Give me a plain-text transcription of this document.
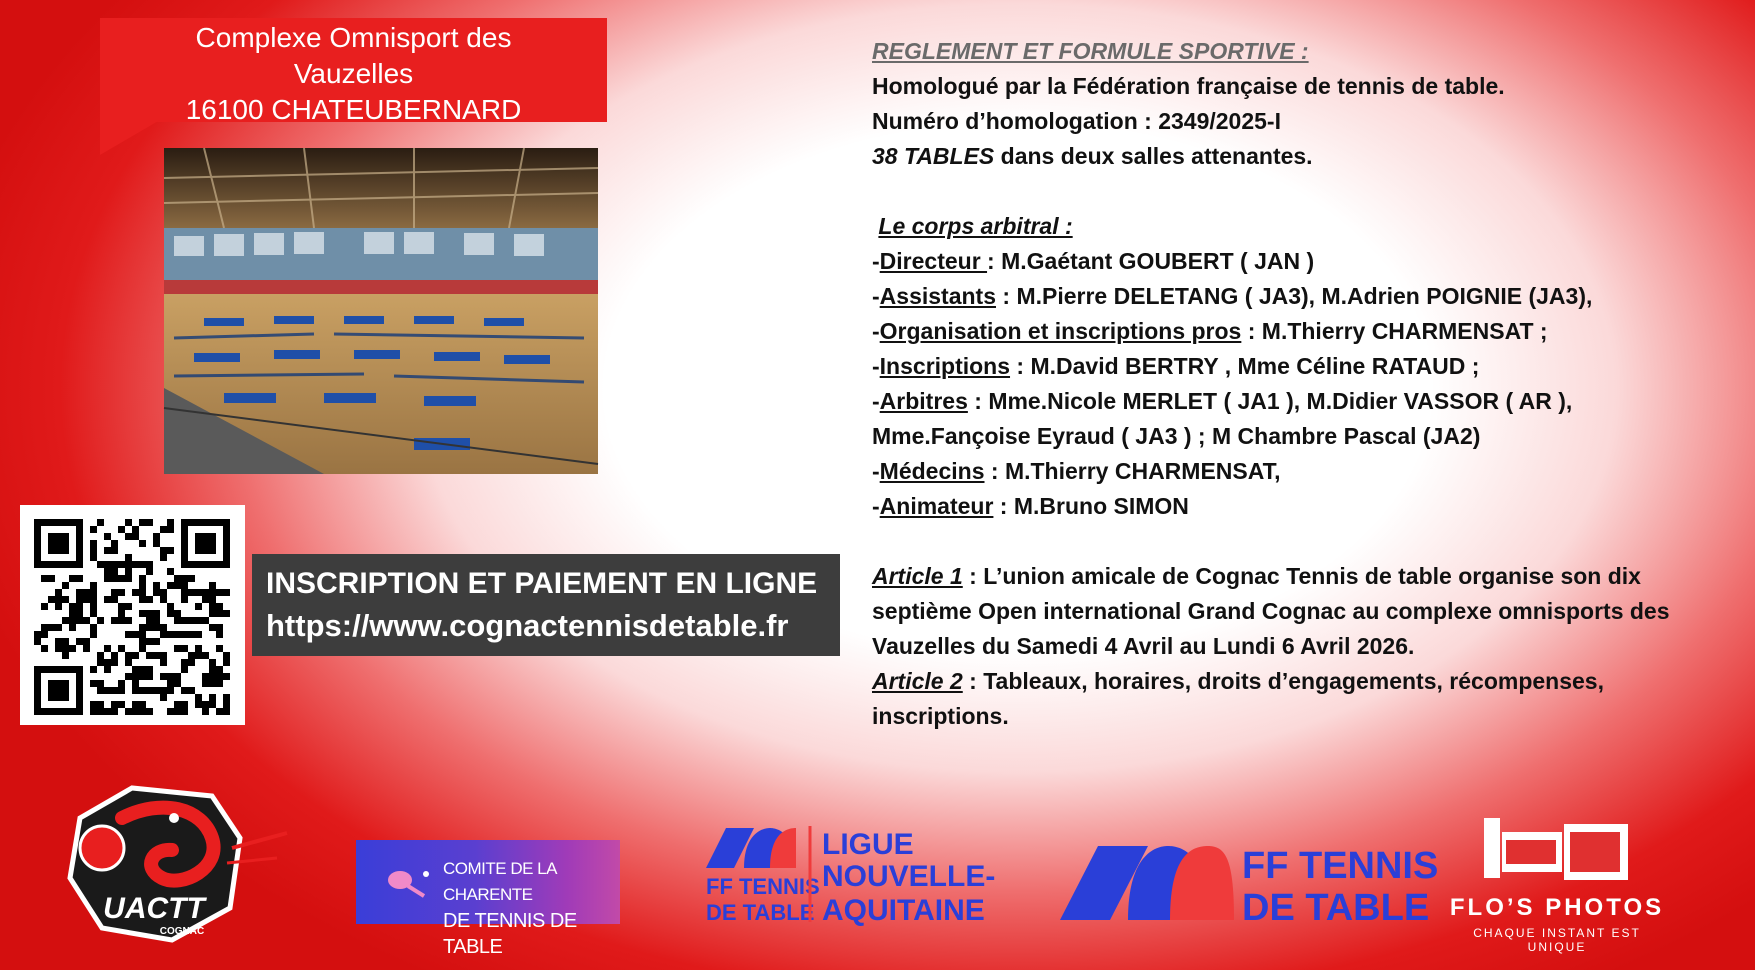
Complexe Omnisport des
Vauzelles
16100 CHATEUBERNARD
INSCRIPTION ET PAIEMENT EN LIGNE
https://www.cognactennisdetable.fr

REGLEMENT ET FORMULE SPORTIVE :

Homologué par la Fédération française de tennis de table.

Numéro d’homologation : 2349/2025-I

38 TABLES dans deux salles attenantes.

Le corps arbitral :

-Directeur : M.Gaétant GOUBERT ( JAN )

-Assistants : M.Pierre DELETANG ( JA3), M.Adrien POIGNIE (JA3),

-Organisation et inscriptions pros : M.Thierry CHARMENSAT ;

-Inscriptions : M.David BERTRY , Mme Céline RATAUD ;

-Arbitres : Mme.Nicole MERLET ( JA1 ), M.Didier VASSOR ( AR ),

Mme.Fançoise Eyraud ( JA3 ) ; M Chambre Pascal (JA2)

-Médecins : M.Thierry CHARMENSAT,

-Animateur : M.Bruno SIMON

Article 1 : L’union amicale de Cognac Tennis de table organise son dix

septième Open international Grand Cognac au complexe omnisports des

Vauzelles du Samedi 4 Avril au Lundi 6 Avril 2026.

Article 2 : Tableaux, horaires, droits d’engagements, récompenses,

inscriptions.

UACTT
COGNAC
COMITE DE LA CHARENTE
DE TENNIS DE TABLE
FF TENNIS
DE TABLE
LIGUE
NOUVELLE-
AQUITAINE
FF TENNIS
DE TABLE FLO’S PHOTOS
CHAQUE INSTANT EST UNIQUE
